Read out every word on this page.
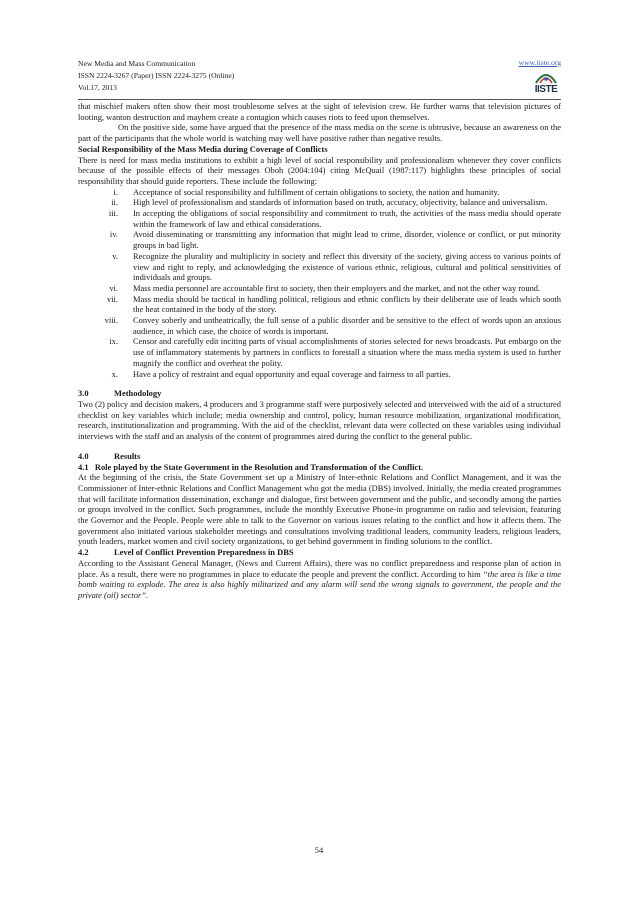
New Media and Mass Communication
ISSN 2224-3267 (Paper) ISSN 2224-3275 (Online)
Vol.17, 2013
www.iiste.org
IISTE

that mischief makers often show their most troublesome selves at the sight of television crew. He further warns that television pictures of looting, wanton destruction and mayhem create a contagion which causes riots to feed upon themselves.

On the positive side, some have argued that the presence of the mass media on the scene is obtrusive, because an awareness on the part of the participants that the whole world is watching may well have positive rather than negative results.

Social Responsibility of the Mass Media during Coverage of Conflicts

There is need for mass media institutions to exhibit a high level of social responsibility and professionalism whenever they cover conflicts because of the possible effects of their messages Oboh (2004:104) citing McQuail (1987:117) highlights these principles of social responsibility that should guide reporters. These include the following:

i. Acceptance of social responsibility and fulfillment of certain obligations to society, the nation and humanity.
ii. High level of professionalism and standards of information based on truth, accuracy, objectivity, balance and universalism.
iii. In accepting the obligations of social responsibility and commitment to truth, the activities of the mass media should operate within the framework of law and ethical considerations.
iv. Avoid disseminating or transmitting any information that might lead to crime, disorder, violence or conflict, or put minority groups in bad light.
v. Recognize the plurality and multiplicity in society and reflect this diversity of the society, giving access to various points of view and right to reply, and acknowledging the existence of various ethnic, religious, cultural and political sensitivities of individuals and groups.
vi. Mass media personnel are accountable first to society, then their employers and the market, and not the other way round.
vii. Mass media should be tactical in handling political, religious and ethnic conflicts by their deliberate use of leads which sooth the heat contained in the body of the story.
viii. Convey soberly and untheatrically, the full sense of a public disorder and be sensitive to the effect of words upon an anxious audience, in which case, the choice of words is important.
ix. Censor and carefully edit inciting parts of visual accomplishments of stories selected for news broadcasts. Put embargo on the use of inflammatory statements by partners in conflicts to forestall a situation where the mass media system is used to further magnify the conflict and overheat the polity.
x. Have a policy of restraint and equal opportunity and equal coverage and fairness to all parties.
3.0	Methodology

Two (2) policy and decision makers, 4 producers and 3 programme staff were purposively selected and interveiwed with the aid of a structured checklist on key variables which include; media ownership and control, policy, human resource mobilization, organizational modification, research, institutionalization and programming. With the aid of the checklist, relevant data were collected on these variables using individual interviews with the staff and an analysis of the content of programmes aired during the conflict to the general public.

4.0	Results
4.1   Role played by the State Government in the Resolution and Transformation of the Conflict.

At the beginning of the crisis, the State Government set up a Ministry of Inter-ethnic Relations and Conflict Management, and it was the Commissioner of Inter-ethnic Relations and Conflict Management who got the media (DBS) involved. Initially, the media created programmes that will facilitate information dissemination, exchange and dialogue, first between government and the public, and secondly among the parties or groups involved in the conflict. Such programmes, include the monthly Executive Phone-in programme on radio and television, featuring the Governor and the People. People were able to talk to the Governor on various issues relating to the conflict and how it affects them. The government also initiated various stakeholder meetings and consultations involving traditional leaders, community leaders, religious leaders, youth leaders, market women and civil society organizations, to get behind government in finding solutions to the conflict.

4.2	Level of Conflict Prevention Preparedness in DBS

According to the Assistant General Manager, (News and Current Affairs), there was no conflict preparedness and response plan of action in place. As a result, there were no programmes in place to educate the people and prevent the conflict. According to him “the area is like a time bomb waiting to explode. The area is also highly militarized and any alarm will send the wrong signals to government, the people and the private (oil) sector”.

54
